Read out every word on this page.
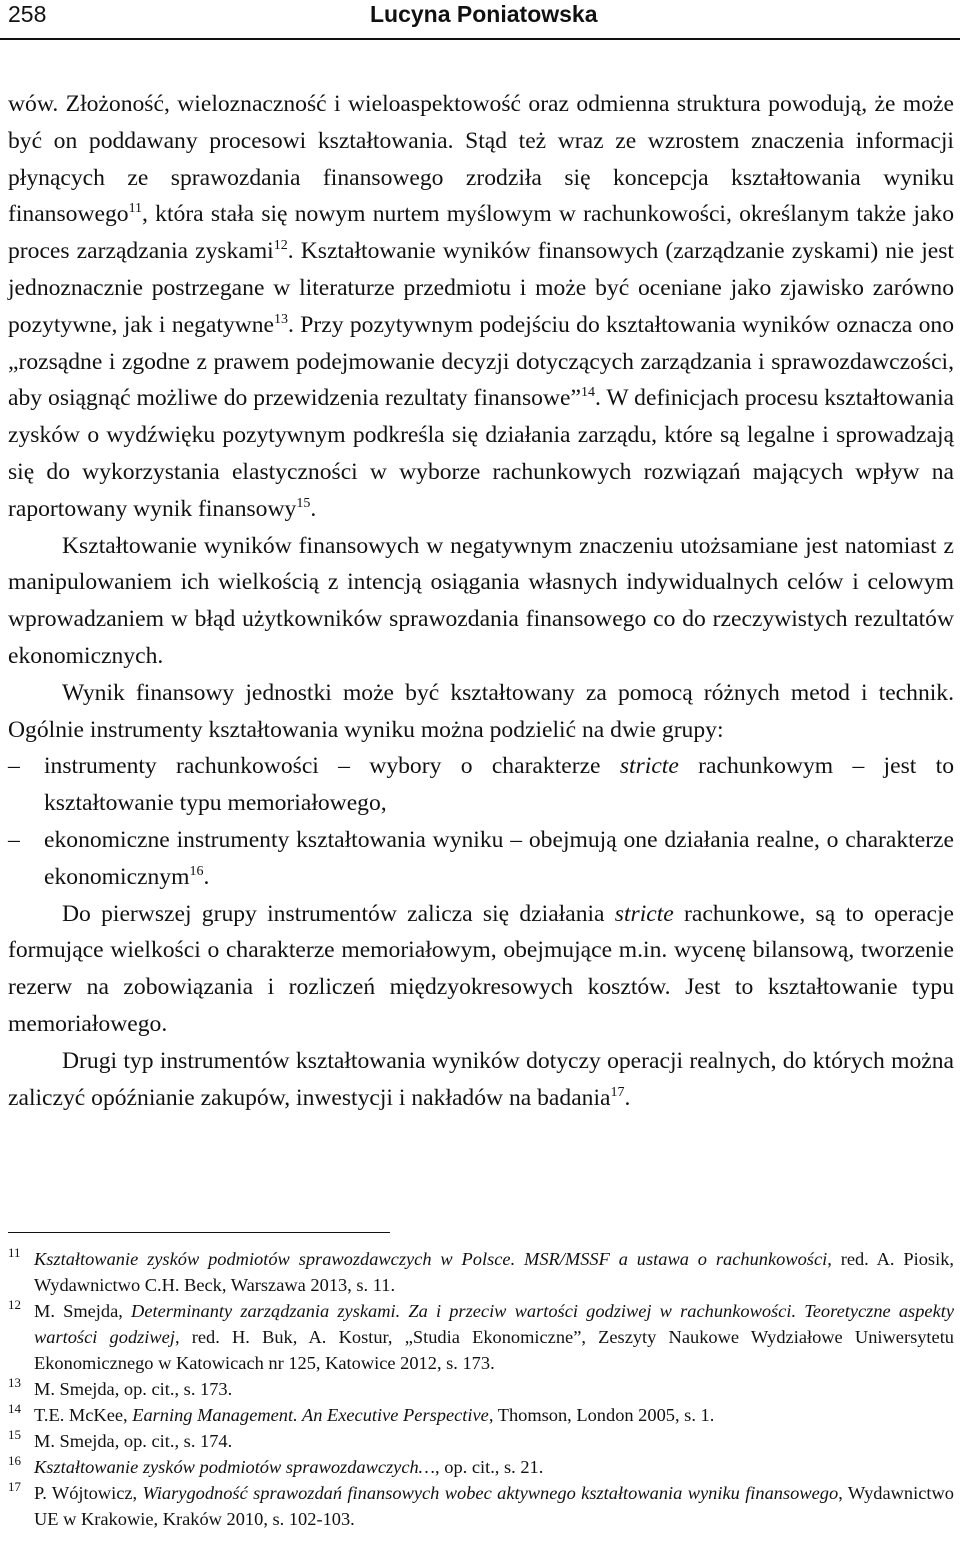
258	Lucyna Poniatowska

wów. Złożoność, wieloznaczność i wieloaspektowość oraz odmienna struktura powodują, że może być on poddawany procesowi kształtowania. Stąd też wraz ze wzrostem znaczenia informacji płynących ze sprawozdania finansowego zrodziła się koncepcja kształtowania wyniku finansowego$^{11}$, która stała się nowym nurtem myślowym w rachunkowości, określanym także jako proces zarządzania zyskami$^{12}$. Kształtowanie wyników finansowych (zarządzanie zyskami) nie jest jednoznacznie postrzegane w literaturze przedmiotu i może być oceniane jako zjawisko zarówno pozytywne, jak i negatywne$^{13}$. Przy pozytywnym podejściu do kształtowania wyników oznacza ono „rozsądne i zgodne z prawem podejmowanie decyzji dotyczących zarządzania i sprawozdawczości, aby osiągnąć możliwe do przewidzenia rezultaty finansowe”$^{14}$. W definicjach procesu kształtowania zysków o wydźwięku pozytywnym podkreśla się działania zarządu, które są legalne i sprowadzają się do wykorzystania elastyczności w wyborze rachunkowych rozwiązań mających wpływ na raportowany wynik finansowy$^{15}$.

Kształtowanie wyników finansowych w negatywnym znaczeniu utożsamiane jest natomiast z manipulowaniem ich wielkością z intencją osiągania własnych indywidualnych celów i celowym wprowadzaniem w błąd użytkowników sprawozdania finansowego co do rzeczywistych rezultatów ekonomicznych.

Wynik finansowy jednostki może być kształtowany za pomocą różnych metod i technik. Ogólnie instrumenty kształtowania wyniku można podzielić na dwie grupy:

– instrumenty rachunkowości – wybory o charakterze stricte rachunkowym – jest to kształtowanie typu memoriałowego,

– ekonomiczne instrumenty kształtowania wyniku – obejmują one działania realne, o charakterze ekonomicznym$^{16}$.

Do pierwszej grupy instrumentów zalicza się działania stricte rachunkowe, są to operacje formujące wielkości o charakterze memoriałowym, obejmujące m.in. wycenę bilansową, tworzenie rezerw na zobowiązania i rozliczeń międzyokresowych kosztów. Jest to kształtowanie typu memoriałowego.

Drugi typ instrumentów kształtowania wyników dotyczy operacji realnych, do których można zaliczyć opóźnianie zakupów, inwestycji i nakładów na badania$^{17}$.

11 Kształtowanie zysków podmiotów sprawozdawczych w Polsce. MSR/MSSF a ustawa o rachunkowości, red. A. Piosik, Wydawnictwo C.H. Beck, Warszawa 2013, s. 11.

12 M. Smejda, Determinanty zarządzania zyskami. Za i przeciw wartości godziwej w rachunkowości. Teoretyczne aspekty wartości godziwej, red. H. Buk, A. Kostur, „Studia Ekonomiczne”, Zeszyty Naukowe Wydziałowe Uniwersytetu Ekonomicznego w Katowicach nr 125, Katowice 2012, s. 173.

13 M. Smejda, op. cit., s. 173.

14 T.E. McKee, Earning Management. An Executive Perspective, Thomson, London 2005, s. 1.

15 M. Smejda, op. cit., s. 174.

16 Kształtowanie zysków podmiotów sprawozdawczych…, op. cit., s. 21.

17 P. Wójtowicz, Wiarygodność sprawozdań finansowych wobec aktywnego kształtowania wyniku finansowego, Wydawnictwo UE w Krakowie, Kraków 2010, s. 102-103.
